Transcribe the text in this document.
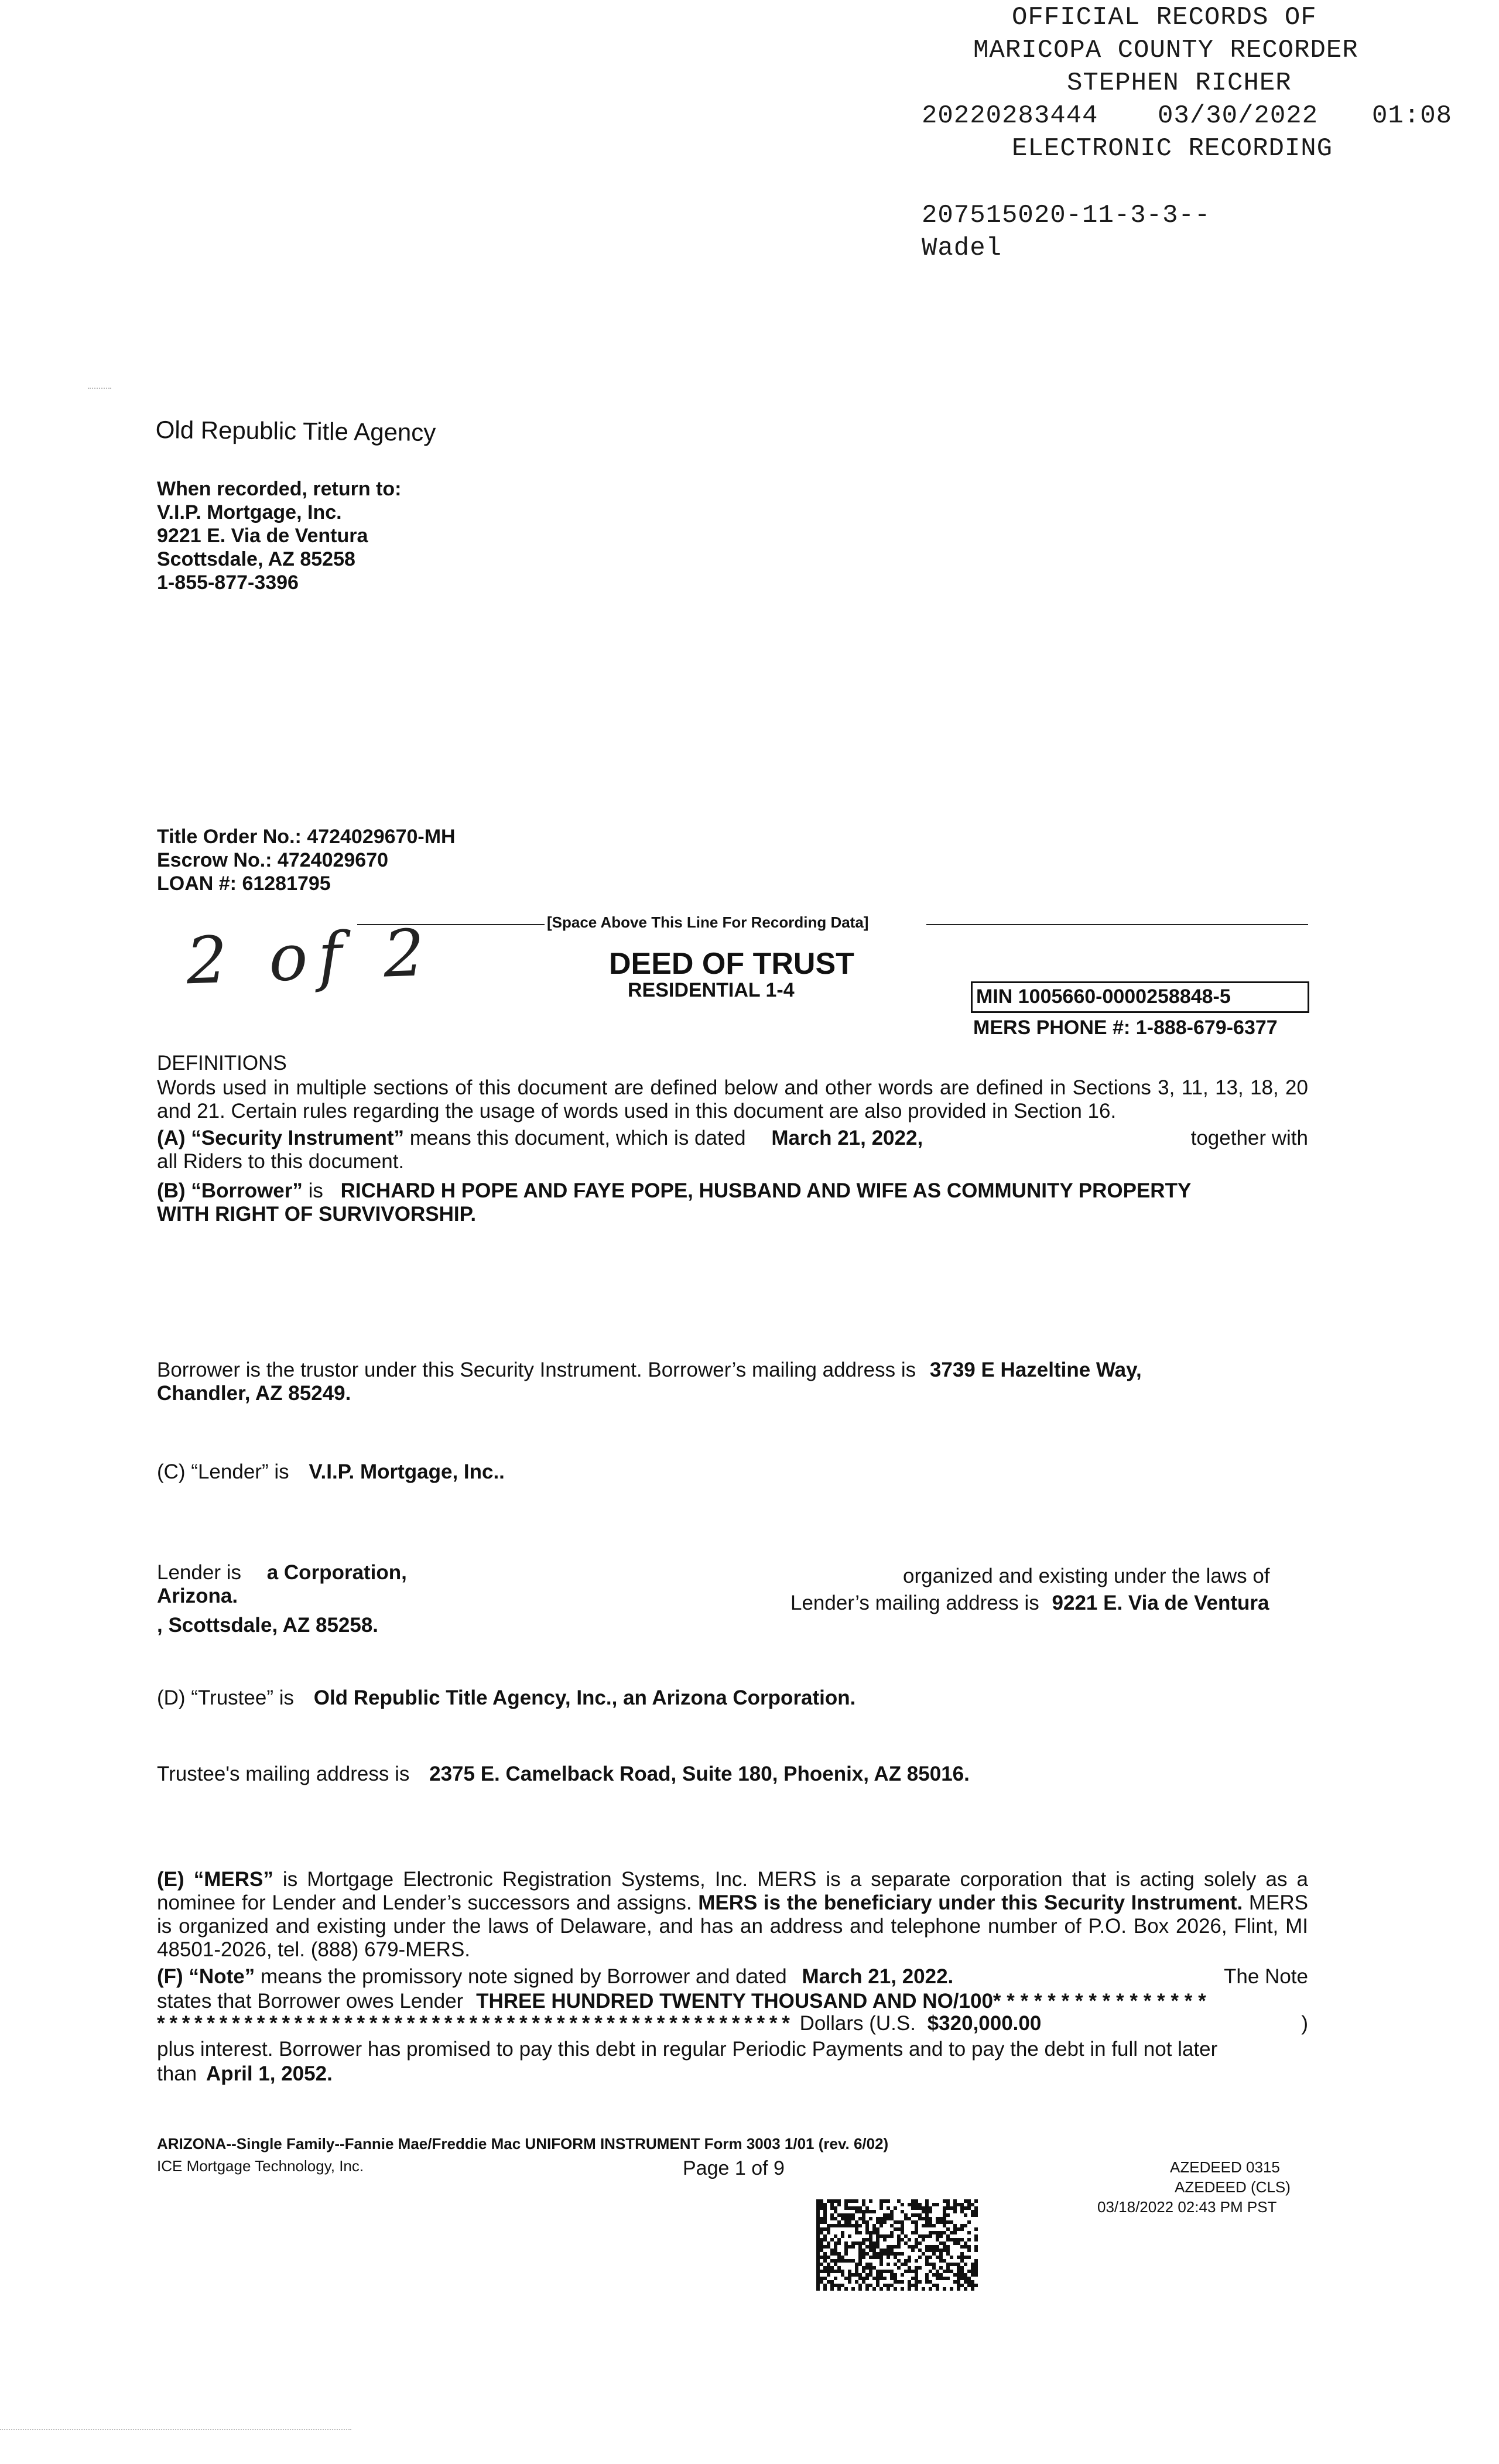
OFFICIAL RECORDS OF
MARICOPA COUNTY RECORDER
STEPHEN RICHER
20220283444 03/30/2022 01:08
ELECTRONIC RECORDING
207515020-11-3-3--
Wadel
Old Republic Title Agency
When recorded, return to:
V.I.P. Mortgage, Inc.
9221 E. Via de Ventura
Scottsdale, AZ 85258
1-855-877-3396
Title Order No.: 4724029670-MH
Escrow No.: 4724029670
LOAN #: 61281795
[Space Above This Line For Recording Data]
2 of 2	DEED OF TRUST
RESIDENTIAL 1-4	MIN 1005660-0000258848-5
MERS PHONE #: 1-888-679-6377
DEFINITIONS

Words used in multiple sections of this document are defined below and other words are defined in Sections 3, 11, 13, 18, 20 and 21. Certain rules regarding the usage of words used in this document are also provided in Section 16.

(A) “Security Instrument” means this document, which is dated March 21, 2022,	together with
all Riders to this document.
(B) “Borrower” is RICHARD H POPE AND FAYE POPE, HUSBAND AND WIFE AS COMMUNITY PROPERTY
WITH RIGHT OF SURVIVORSHIP.
Borrower is the trustor under this Security Instrument. Borrower’s mailing address is 3739 E Hazeltine Way,
Chandler, AZ 85249.
(C) “Lender” is V.I.P. Mortgage, Inc..
Lender is a Corporation,	organized and existing under the laws of
Arizona.	Lender’s mailing address is 9221 E. Via de Ventura
, Scottsdale, AZ 85258.
(D) “Trustee” is Old Republic Title Agency, Inc., an Arizona Corporation.
Trustee's mailing address is 2375 E. Camelback Road, Suite 180, Phoenix, AZ 85016.

(E) “MERS” is Mortgage Electronic Registration Systems, Inc. MERS is a separate corporation that is acting solely as a nominee for Lender and Lender’s successors and assigns. MERS is the beneficiary under this Security Instrument. MERS is organized and existing under the laws of Delaware, and has an address and telephone number of P.O. Box 2026, Flint, MI 48501-2026, tel. (888) 679-MERS.

(F) “Note” means the promissory note signed by Borrower and dated March 21, 2022.	The Note
states that Borrower owes Lender THREE HUNDRED TWENTY THOUSAND AND NO/100* * * * * * * * * * * * * * * *
* * * * * * * * * * * * * * * * * * * * * * * * * * * * * * * * * * * * * * * * * * * * * * * * * * * Dollars (U.S. $320,000.00	)
plus interest. Borrower has promised to pay this debt in regular Periodic Payments and to pay the debt in full not later
than April 1, 2052.
ARIZONA--Single Family--Fannie Mae/Freddie Mac UNIFORM INSTRUMENT Form 3003 1/01 (rev. 6/02)
ICE Mortgage Technology, Inc.	Page 1 of 9	AZEDEED 0315
AZEDEED (CLS)
03/18/2022 02:43 PM PST
